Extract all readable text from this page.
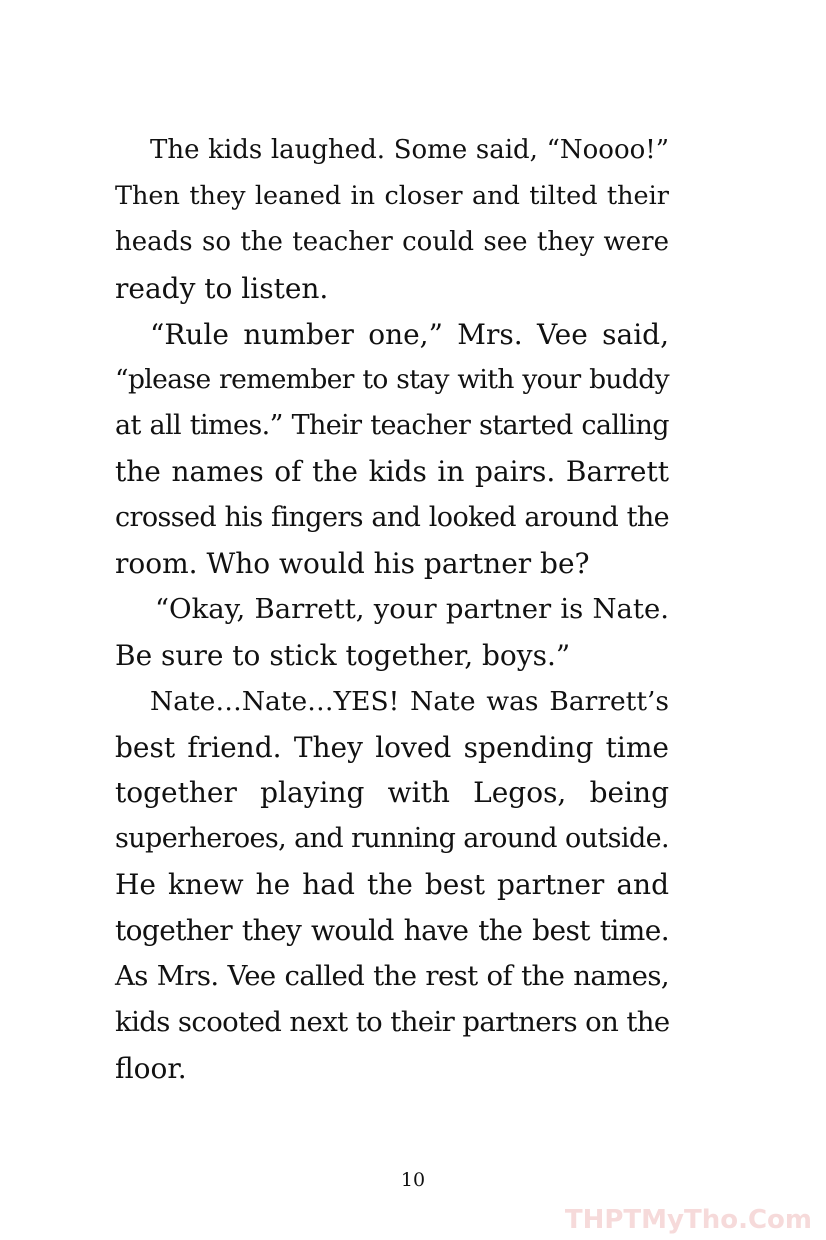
The kids laughed. Some said, “Noooo!”
Then they leaned in closer and tilted their
heads so the teacher could see they were
ready to listen.

“Rule number one,” Mrs. Vee said,
“please remember to stay with your buddy
at all times.” Their teacher started calling
the names of the kids in pairs. Barrett
crossed his fingers and looked around the
room. Who would his partner be?

“Okay, Barrett, your partner is Nate.
Be sure to stick together, boys.”

Nate…Nate…YES! Nate was Barrett’s
best friend. They loved spending time
together playing with Legos, being
superheroes, and running around outside.
He knew he had the best partner and
together they would have the best time.
As Mrs. Vee called the rest of the names,
kids scooted next to their partners on the
floor.

10
THPTMyTho.Com
